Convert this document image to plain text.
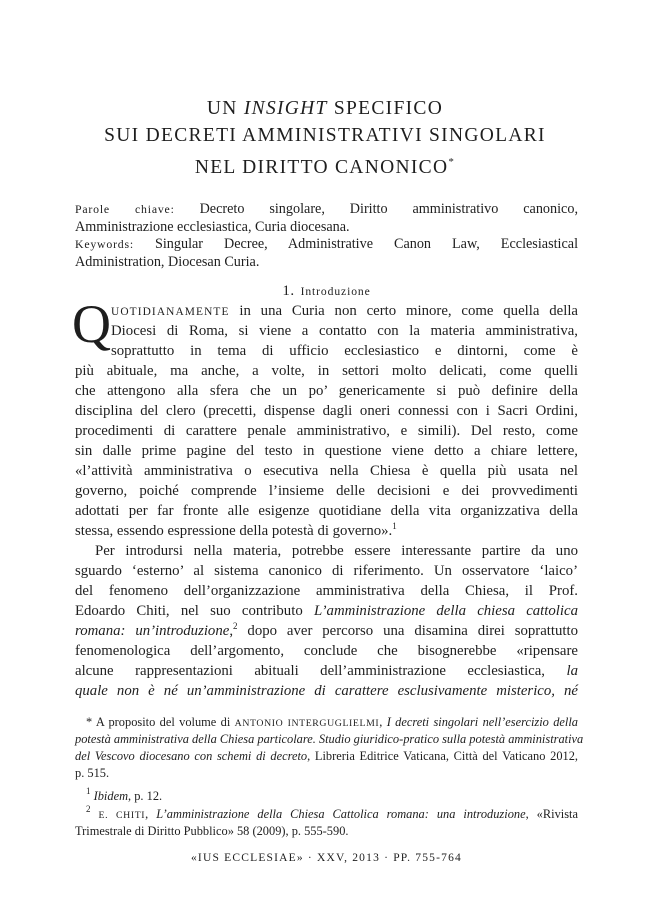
UN INSIGHT SPECIFICO
SUI DECRETI AMMINISTRATIVI SINGOLARI
NEL DIRITTO CANONICO*
Parole chiave: Decreto singolare, Diritto amministrativo canonico,
Amministrazione ecclesiastica, Curia diocesana.
Keywords: Singular Decree, Administrative Canon Law, Ecclesiastical
Administration, Diocesan Curia.
1. Introduzione
Q UOTIDIANAMENTE in una Curia non certo minore, come quella della
Diocesi di Roma, si viene a contatto con la materia amministrativa,
soprattutto in tema di ufficio ecclesiastico e dintorni, come è
più abituale, ma anche, a volte, in settori molto delicati, come quelli
che attengono alla sfera che un po’ genericamente si può definire della
disciplina del clero (precetti, dispense dagli oneri connessi con i Sacri Ordini,
procedimenti di carattere penale amministrativo, e simili). Del resto, come
sin dalle prime pagine del testo in questione viene detto a chiare lettere,
«l’attività amministrativa o esecutiva nella Chiesa è quella più usata nel
governo, poiché comprende l’insieme delle decisioni e dei provvedimenti
adottati per far fronte alle esigenze quotidiane della vita organizzativa della
stessa, essendo espressione della potestà di governo».$^1$
Per introdursi nella materia, potrebbe essere interessante partire da uno
sguardo ‘esterno’ al sistema canonico di riferimento. Un osservatore ‘laico’
del fenomeno dell’organizzazione amministrativa della Chiesa, il Prof.
Edoardo Chiti, nel suo contributo L’amministrazione della chiesa cattolica
romana: un’introduzione,$^2$ dopo aver percorso una disamina direi soprattutto
fenomenologica dell’argomento, conclude che bisognerebbe «ripensare
alcune rappresentazioni abituali dell’amministrazione ecclesiastica, la
quale non è né un’amministrazione di carattere esclusivamente misterico, né
* A proposito del volume di ANTONIO INTERGUGLIELMI, I decreti singolari nell’esercizio della
potestà amministrativa della Chiesa particolare. Studio giuridico-pratico sulla potestà amministrativa
del Vescovo diocesano con schemi di decreto, Libreria Editrice Vaticana, Città del Vaticano 2012,
p. 515.
$^1$ Ibidem, p. 12.
«IUS ECCLESIAE» · XXV, 2013 · PP. 755-764
$^2$ E. CHITI, L’amministrazione della Chiesa Cattolica romana: una introduzione, «Rivista
Trimestrale di Diritto Pubblico» 58 (2009), p. 555-590.
